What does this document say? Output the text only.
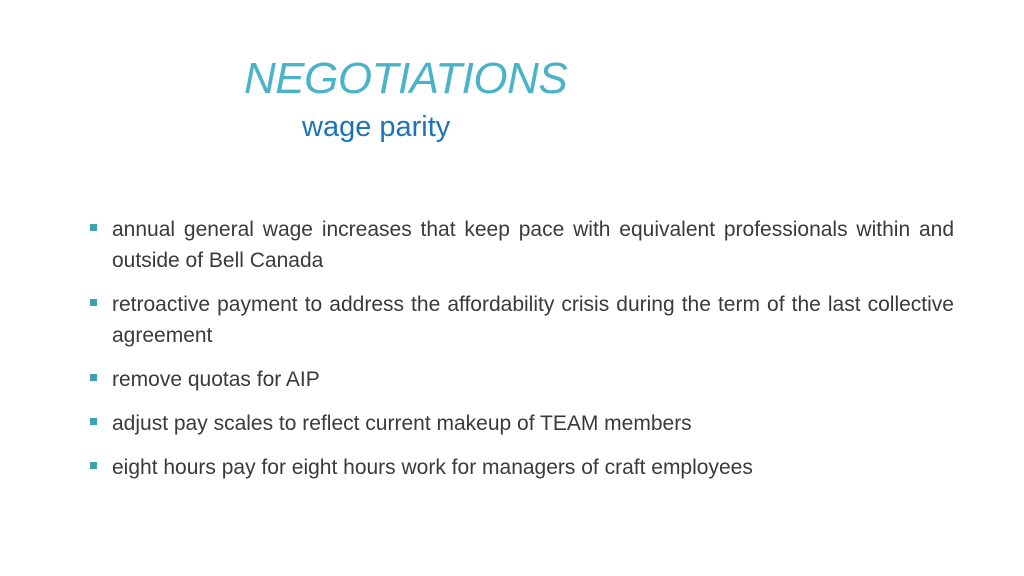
NEGOTIATIONS
wage parity
annual general wage increases that keep pace with equivalent professionals within and outside of Bell Canada
retroactive payment to address the affordability crisis during the term of the last collective agreement
remove quotas for AIP
adjust pay scales to reflect current makeup of TEAM members
eight hours pay for eight hours work for managers of craft employees
